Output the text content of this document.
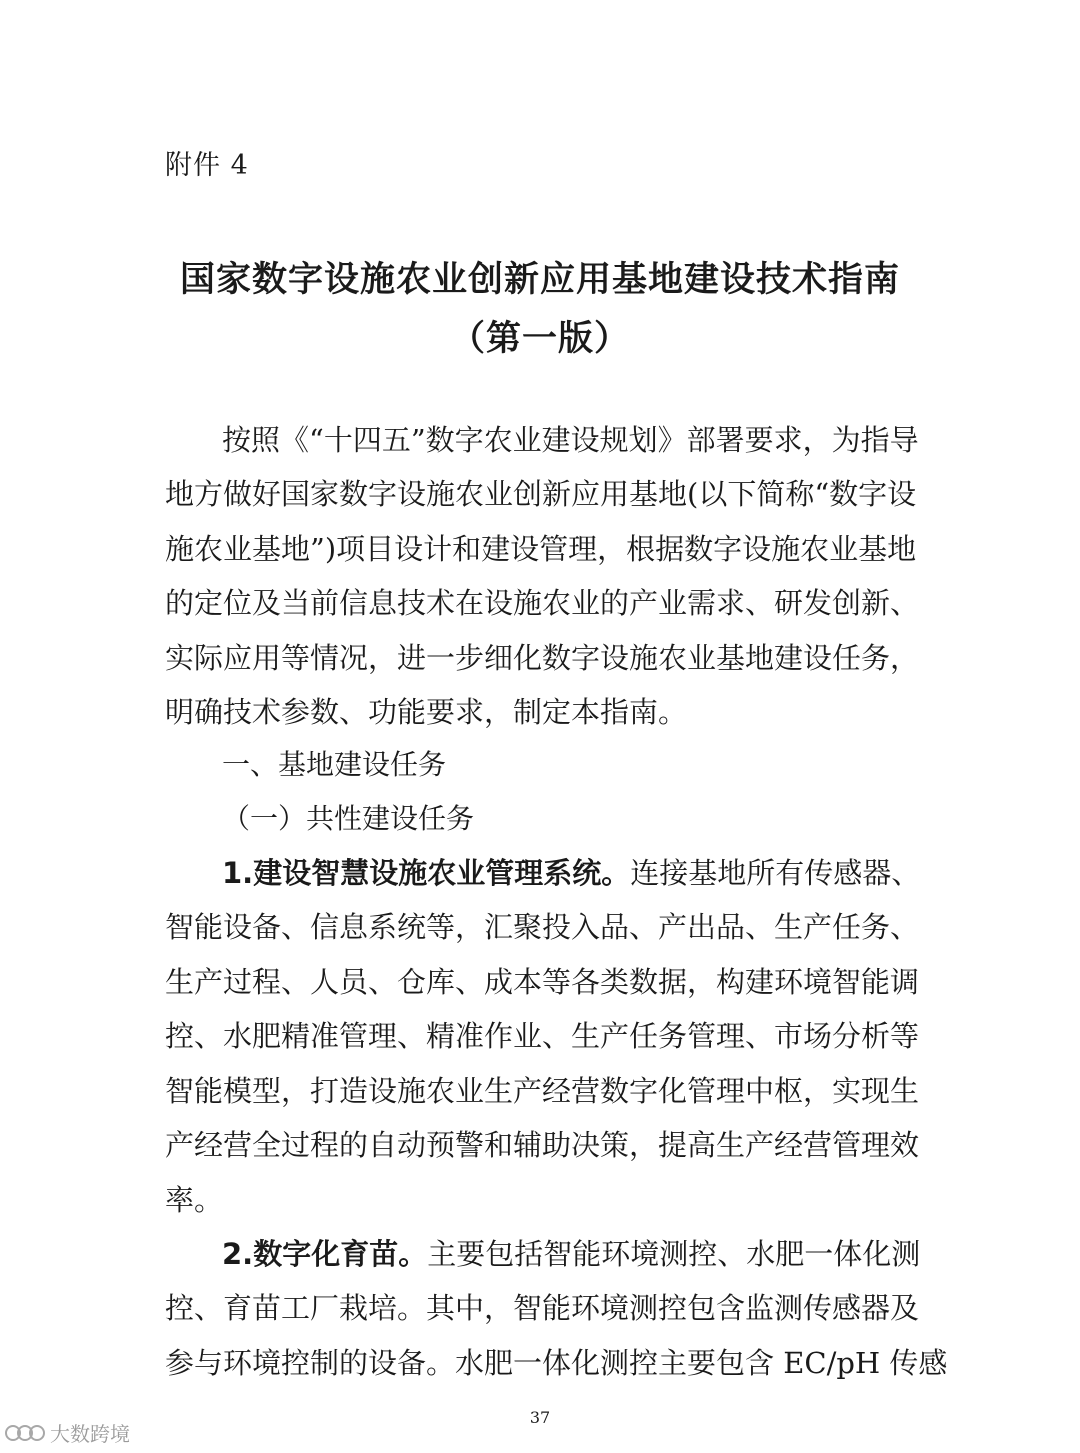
附件 4
国家数字设施农业创新应用基地建设技术指南
（第一版）
按照《“十四五”数字农业建设规划》部署要求，为指导
地方做好国家数字设施农业创新应用基地(以下简称“数字设
施农业基地”)项目设计和建设管理，根据数字设施农业基地
的定位及当前信息技术在设施农业的产业需求、研发创新、
实际应用等情况，进一步细化数字设施农业基地建设任务，
明确技术参数、功能要求，制定本指南。
一、基地建设任务
（一）共性建设任务
1.建设智慧设施农业管理系统。连接基地所有传感器、
智能设备、信息系统等，汇聚投入品、产出品、生产任务、
生产过程、人员、仓库、成本等各类数据，构建环境智能调
控、水肥精准管理、精准作业、生产任务管理、市场分析等
智能模型，打造设施农业生产经营数字化管理中枢，实现生
产经营全过程的自动预警和辅助决策，提高生产经营管理效
率。
2.数字化育苗。主要包括智能环境测控、水肥一体化测
控、育苗工厂栽培。其中，智能环境测控包含监测传感器及
参与环境控制的设备。水肥一体化测控主要包含 EC/pH 传感
37
大数跨境
